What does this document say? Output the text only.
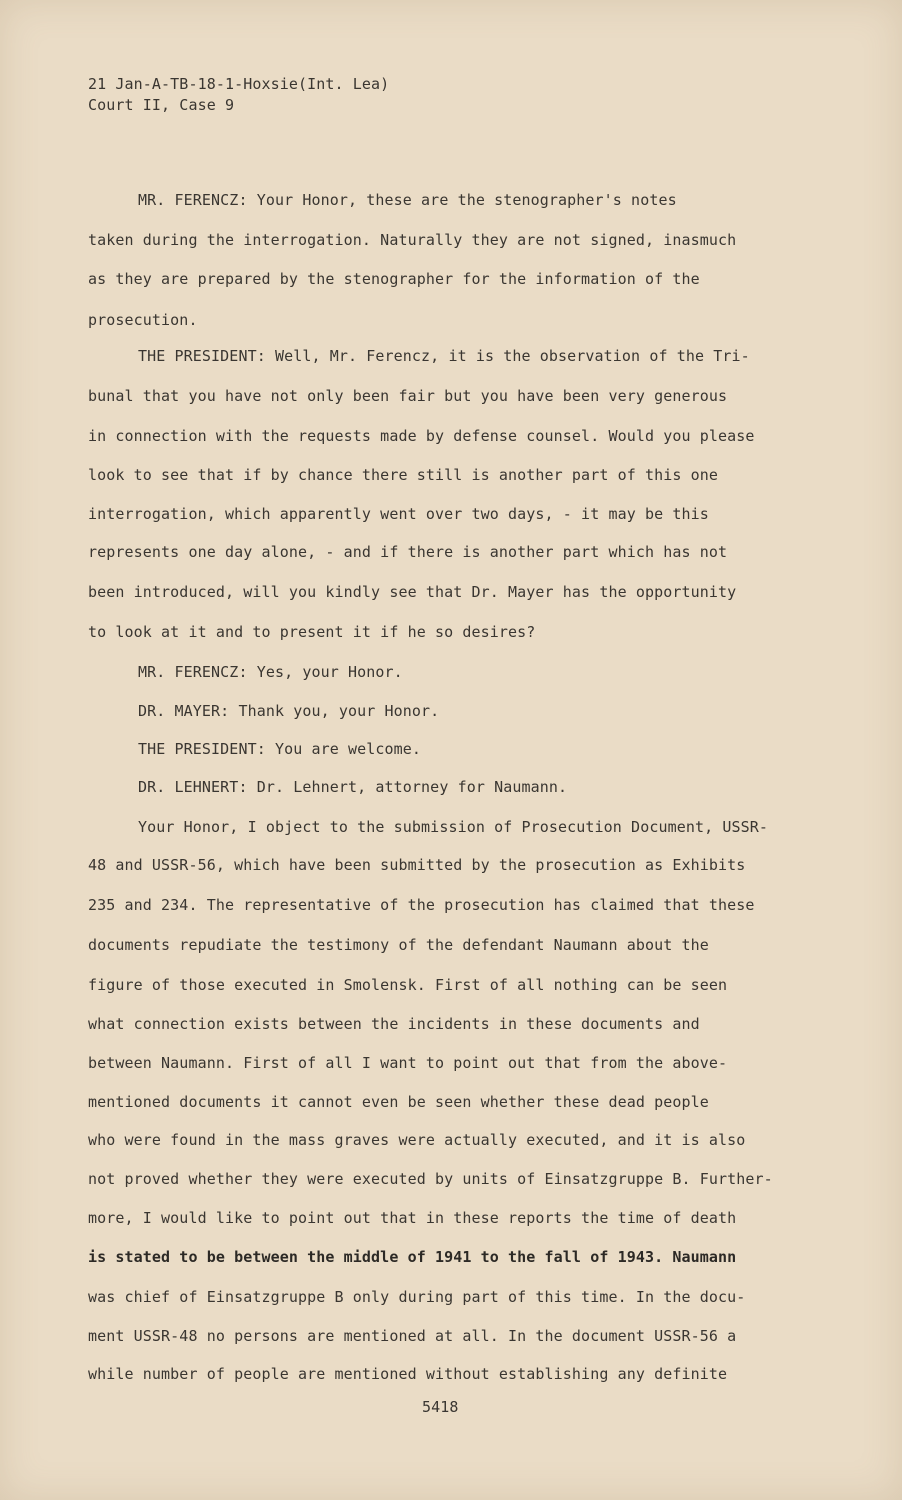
21 Jan-A-TB-18-1-Hoxsie(Int. Lea)
Court II, Case 9
MR. FERENCZ: Your Honor, these are the stenographer's notes
taken during the interrogation. Naturally they are not signed, inasmuch
as they are prepared by the stenographer for the information of the
prosecution.
THE PRESIDENT: Well, Mr. Ferencz, it is the observation of the Tri-
bunal that you have not only been fair but you have been very generous
in connection with the requests made by defense counsel. Would you please
look to see that if by chance there still is another part of this one
interrogation, which apparently went over two days, - it may be this
represents one day alone, - and if there is another part which has not
been introduced, will you kindly see that Dr. Mayer has the opportunity
to look at it and to present it if he so desires?
MR. FERENCZ: Yes, your Honor.
DR. MAYER: Thank you, your Honor.
THE PRESIDENT: You are welcome.
DR. LEHNERT: Dr. Lehnert, attorney for Naumann.
Your Honor, I object to the submission of Prosecution Document, USSR-
48 and USSR-56, which have been submitted by the prosecution as Exhibits
235 and 234. The representative of the prosecution has claimed that these
documents repudiate the testimony of the defendant Naumann about the
figure of those executed in Smolensk. First of all nothing can be seen
what connection exists between the incidents in these documents and
between Naumann. First of all I want to point out that from the above-
mentioned documents it cannot even be seen whether these dead people
who were found in the mass graves were actually executed, and it is also
not proved whether they were executed by units of Einsatzgruppe B. Further-
more, I would like to point out that in these reports the time of death
is stated to be between the middle of 1941 to the fall of 1943. Naumann
was chief of Einsatzgruppe B only during part of this time. In the docu-
ment USSR-48 no persons are mentioned at all. In the document USSR-56 a
while number of people are mentioned without establishing any definite
5418
